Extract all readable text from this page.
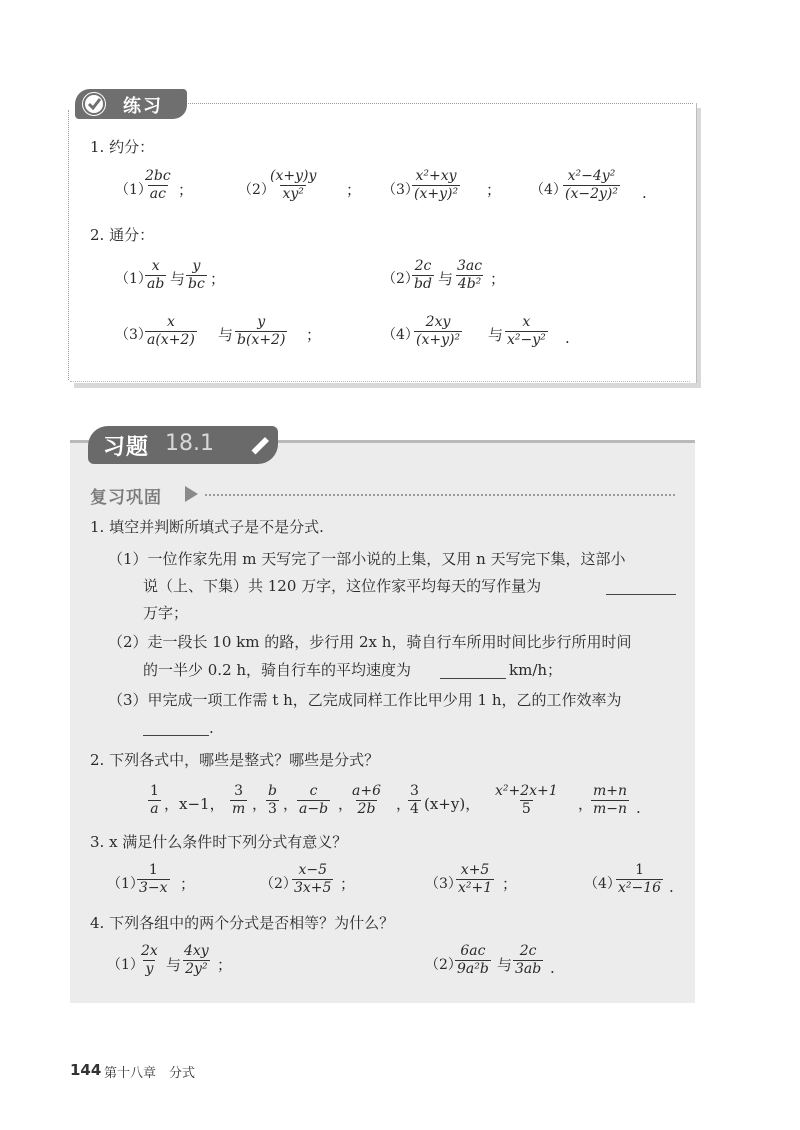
练习
1. 约分：
（1）
$\frac{2bc}{ac}$ ；	（2）
$\frac{(x+y)y}{\text{xy²}}$ ； （3）
$\frac{\text{x²+xy}}{\text{(x+y)²}}$ ； （4）
$\frac{\text{x²−4y²}}{\text{(x−2y)²}}$ .
2. 通分：
（1）
$\frac{x}{ab}$ 与 $\frac{y}{bc}$ ；	（2）
$\frac{2c}{bd}$ 与 $\frac{3ac}{\text{4b²}}$ ；
（3）
$\frac{x}{a(x+2)}$ 与 $\frac{y}{b(x+2)}$ ；	（4）
$\frac{2xy}{\text{(x+y)²}}$ 与 $\frac{x}{\text{x²−y²}}$ .
习题 18.1
复习巩固
1. 填空并判断所填式子是不是分式.
（1）一位作家先用 m 天写完了一部小说的上集，又用 n 天写完下集，这部小
说（上、下集）共 120 万字，这位作家平均每天的写作量为
万字；
（2）走一段长 10 km 的路，步行用 2x h，骑自行车所用时间比步行所用时间
的一半少 0.2 h，骑自行车的平均速度为	km/h；
（3）甲完成一项工作需 t h，乙完成同样工作比甲少用 1 h，乙的工作效率为
.
2. 下列各式中，哪些是整式？哪些是分式？
$\frac{1}{a}$ ，x−1， $\frac{3}{m}$ ，
$\frac{b}{3}$ ，
$\frac{c}{a-b}$ ，
$\frac{a+6}{2b}$ ，
$\frac{3}{4} (x+y)$， $\frac{\text{x²+2x+1}}{5}$ ，
$\frac{m+n}{m-n}$ .
3. x 满足什么条件时下列分式有意义？
（1）
$\frac{1}{3-x}$ ；	（2）
$\frac{x-5}{3x+5}$ ；	（3）
$\frac{x+5}{\text{x²+1}}$ ；	（4）
$\frac{1}{\text{x²−16}}$ .
4. 下列各组中的两个分式是否相等？为什么？
（1）
$\frac{2x}{y}$ 与 $\frac{4xy}{\text{2y²}}$ ；	（2）
$\frac{6ac}{\text{9a²b}}$ 与 $\frac{2c}{3ab}$ .
144 第十八章　分式
